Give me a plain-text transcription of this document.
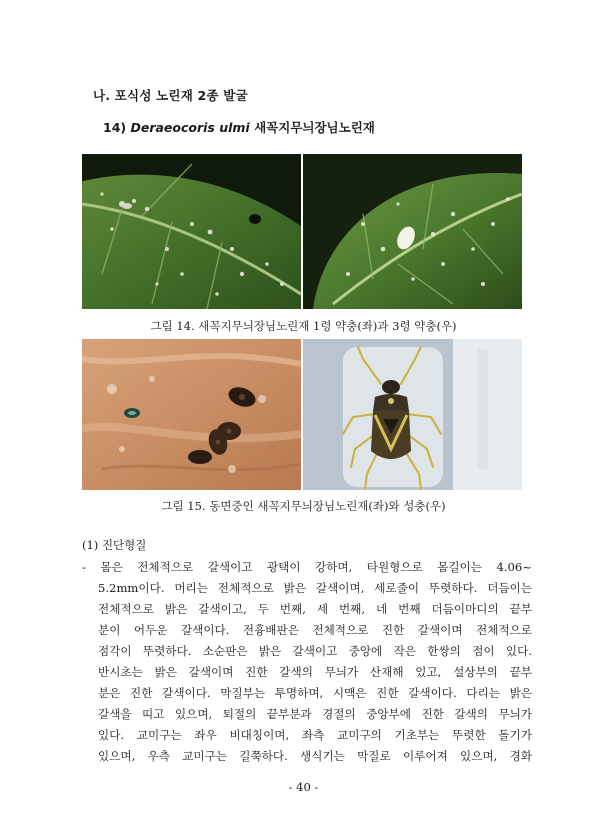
나. 포식성 노린재 2종 발굴
14) Deraeocoris ulmi 새꼭지무늬장님노린재
그림 14. 새꼭지무늬장님노린재 1령 약충(좌)과 3령 약충(우)
그림 15. 동면중인 새꼭지무늬장님노린재(좌)와 성충(우)
(1) 진단형질
- 몸은 전체적으로 갈색이고 광택이 강하며, 타원형으로 몸길이는 4.06~
5.2mm이다. 머리는 전체적으로 밝은 갈색이며, 세로줄이 뚜렷하다. 더듬이는
전체적으로 밝은 갈색이고, 두 번째, 세 번째, 네 번째 더듬이마디의 끝부
분이 어두운 갈색이다. 전흉배판은 전체적으로 진한 갈색이며 전체적으로
점각이 뚜렷하다. 소순판은 밝은 갈색이고 중앙에 작은 한쌍의 점이 있다.
반시초는 밝은 갈색이며 진한 갈색의 무늬가 산재해 있고, 설상부의 끝부
분은 진한 갈색이다. 막질부는 투명하며, 시맥은 진한 갈색이다. 다리는 밝은
갈색을 띠고 있으며, 퇴절의 끝부분과 경절의 중앙부에 진한 갈색의 무늬가
있다. 교미구는 좌우 비대칭이며, 좌측 교미구의 기초부는 뚜렷한 돌기가
있으며, 우측 교미구는 길쭉하다. 생식기는 막질로 이루어져 있으며, 경화
- 40 -
